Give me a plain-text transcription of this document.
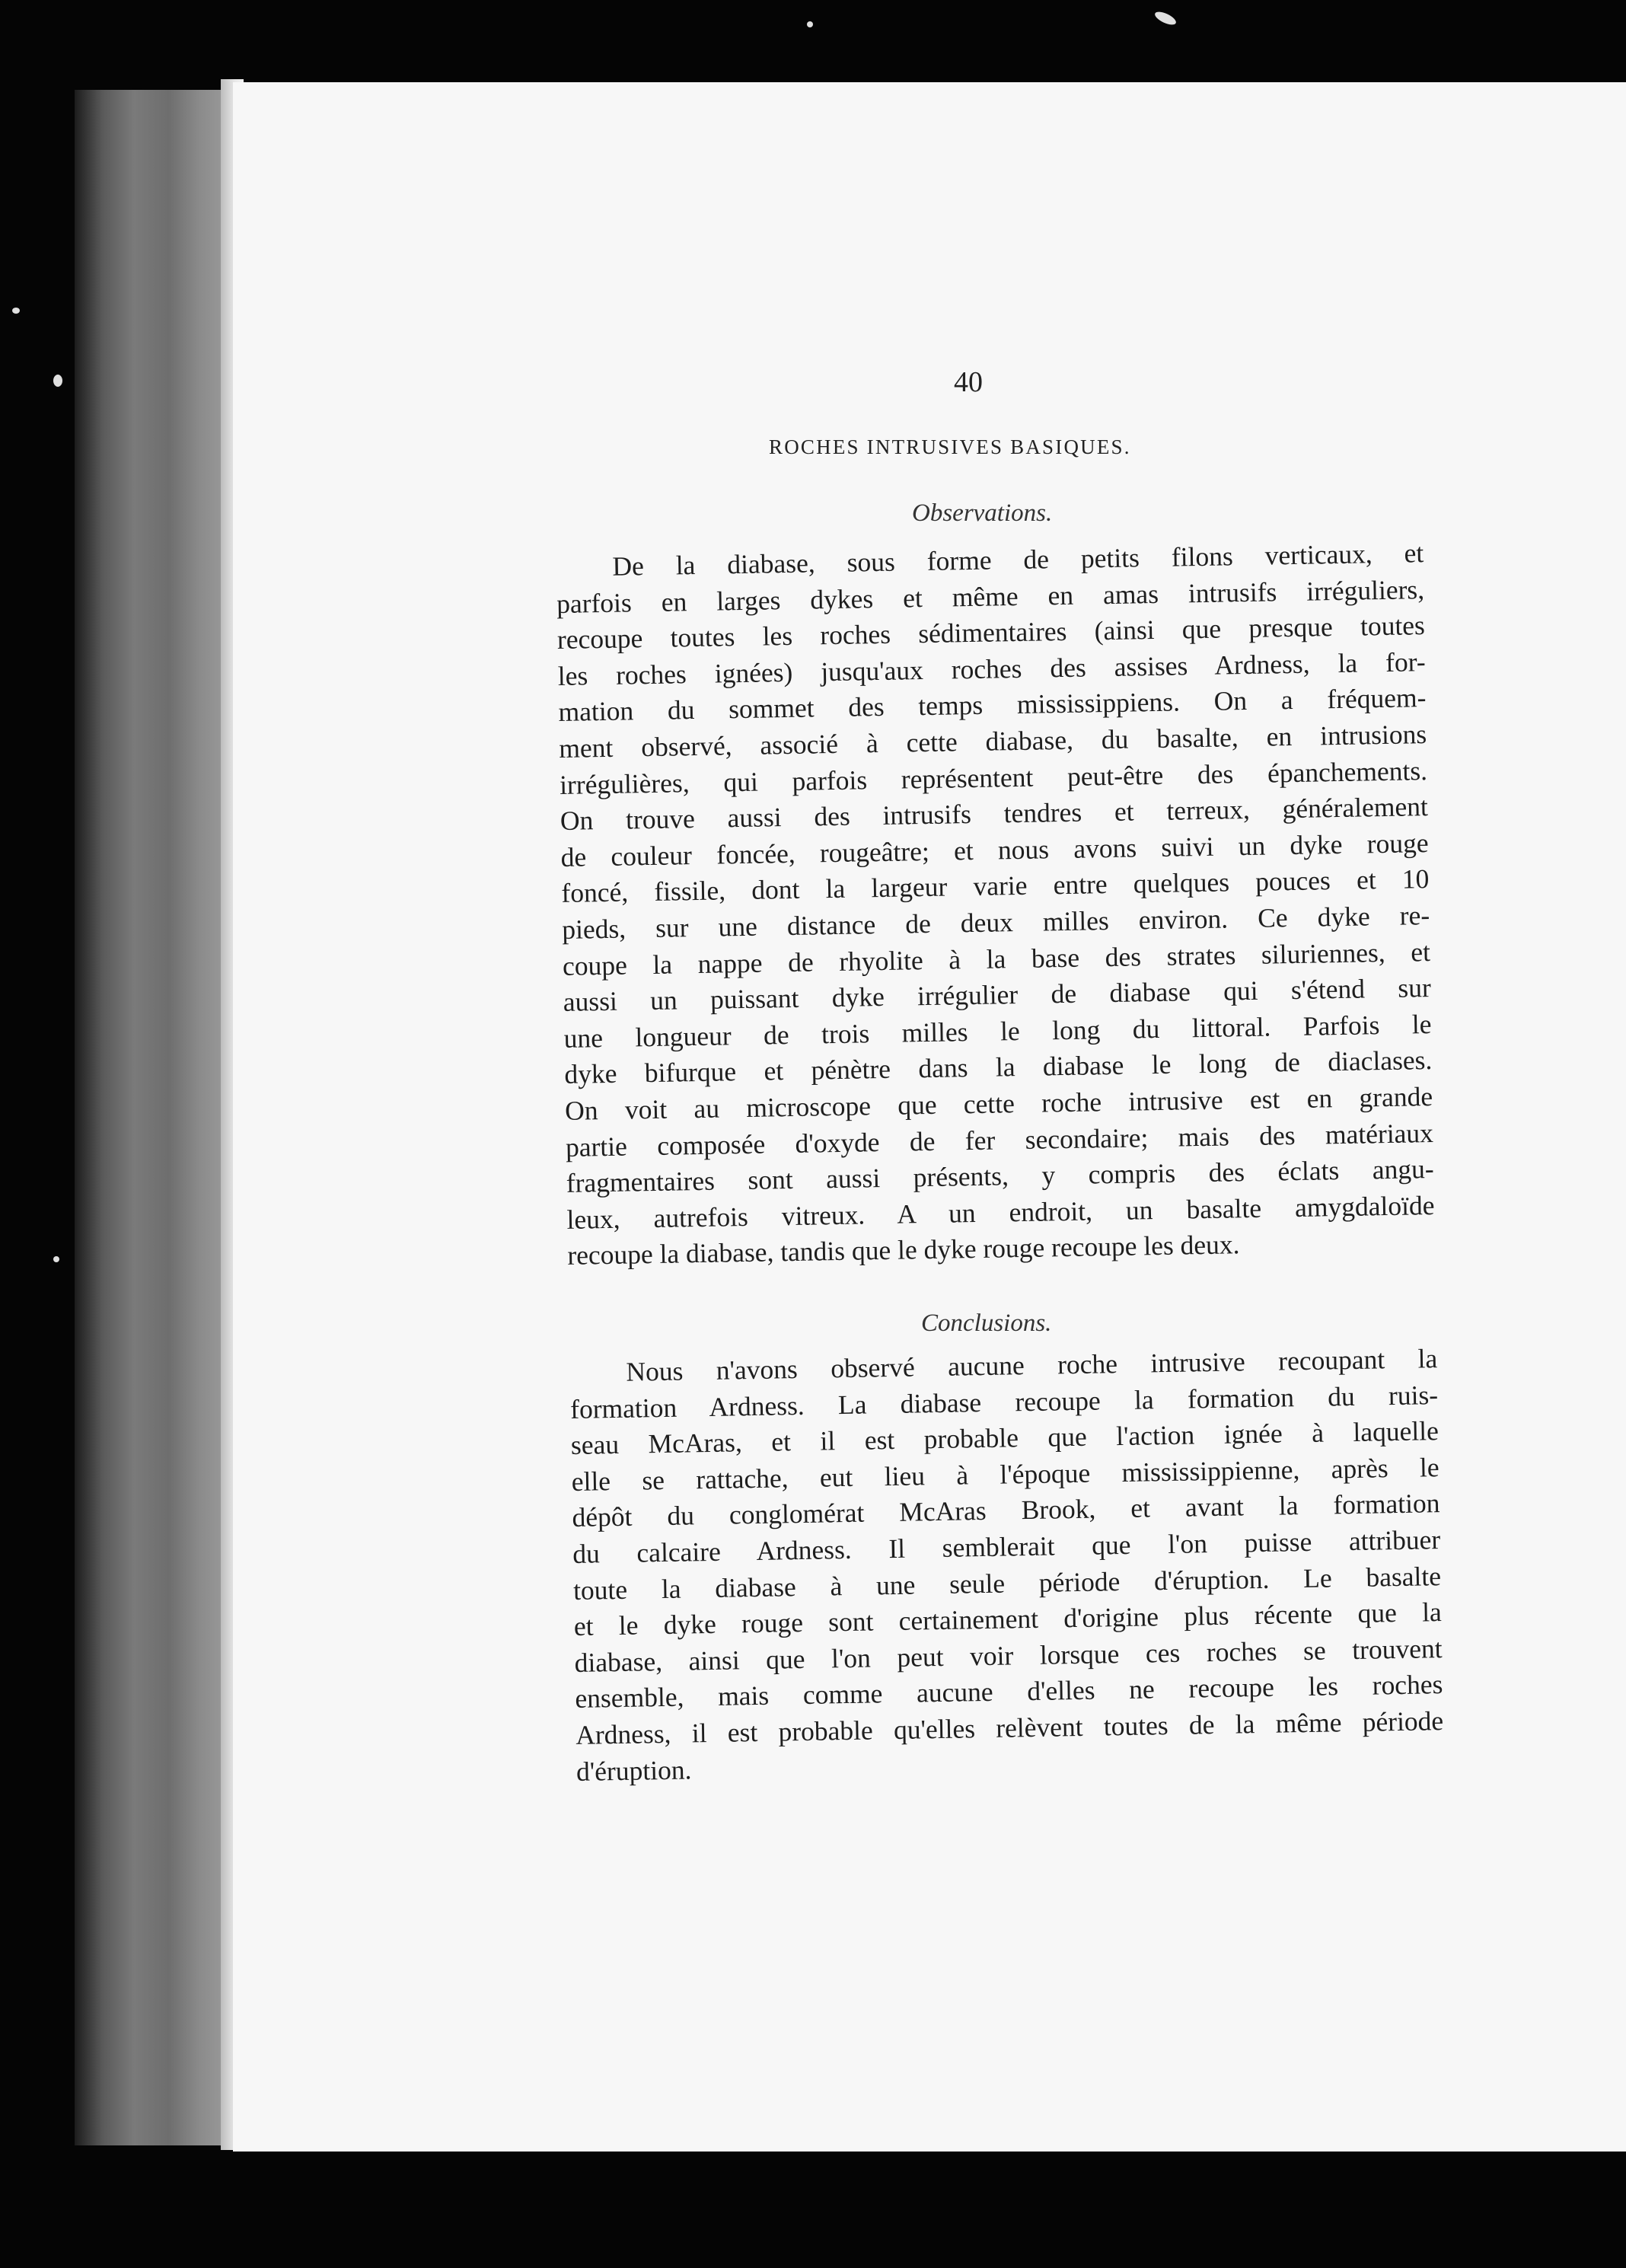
40
ROCHES INTRUSIVES BASIQUES.
Observations.
De la diabase, sous forme de petits filons verticaux, et
parfois en larges dykes et même en amas intrusifs irréguliers,
recoupe toutes les roches sédimentaires (ainsi que presque toutes
les roches ignées) jusqu'aux roches des assises Ardness, la for-
mation du sommet des temps mississippiens. On a fréquem-
ment observé, associé à cette diabase, du basalte, en intrusions
irrégulières, qui parfois représentent peut-être des épanchements.
On trouve aussi des intrusifs tendres et terreux, généralement
de couleur foncée, rougeâtre; et nous avons suivi un dyke rouge
foncé, fissile, dont la largeur varie entre quelques pouces et 10
pieds, sur une distance de deux milles environ. Ce dyke re-
coupe la nappe de rhyolite à la base des strates siluriennes, et
aussi un puissant dyke irrégulier de diabase qui s'étend sur
une longueur de trois milles le long du littoral. Parfois le
dyke bifurque et pénètre dans la diabase le long de diaclases.
On voit au microscope que cette roche intrusive est en grande
partie composée d'oxyde de fer secondaire; mais des matériaux
fragmentaires sont aussi présents, y compris des éclats angu-
leux, autrefois vitreux. A un endroit, un basalte amygdaloïde
recoupe la diabase, tandis que le dyke rouge recoupe les deux.
Conclusions.
Nous n'avons observé aucune roche intrusive recoupant la
formation Ardness. La diabase recoupe la formation du ruis-
seau McAras, et il est probable que l'action ignée à laquelle
elle se rattache, eut lieu à l'époque mississippienne, après le
dépôt du conglomérat McAras Brook, et avant la formation
du calcaire Ardness. Il semblerait que l'on puisse attribuer
toute la diabase à une seule période d'éruption. Le basalte
et le dyke rouge sont certainement d'origine plus récente que la
diabase, ainsi que l'on peut voir lorsque ces roches se trouvent
ensemble, mais comme aucune d'elles ne recoupe les roches
Ardness, il est probable qu'elles relèvent toutes de la même période
d'éruption.
